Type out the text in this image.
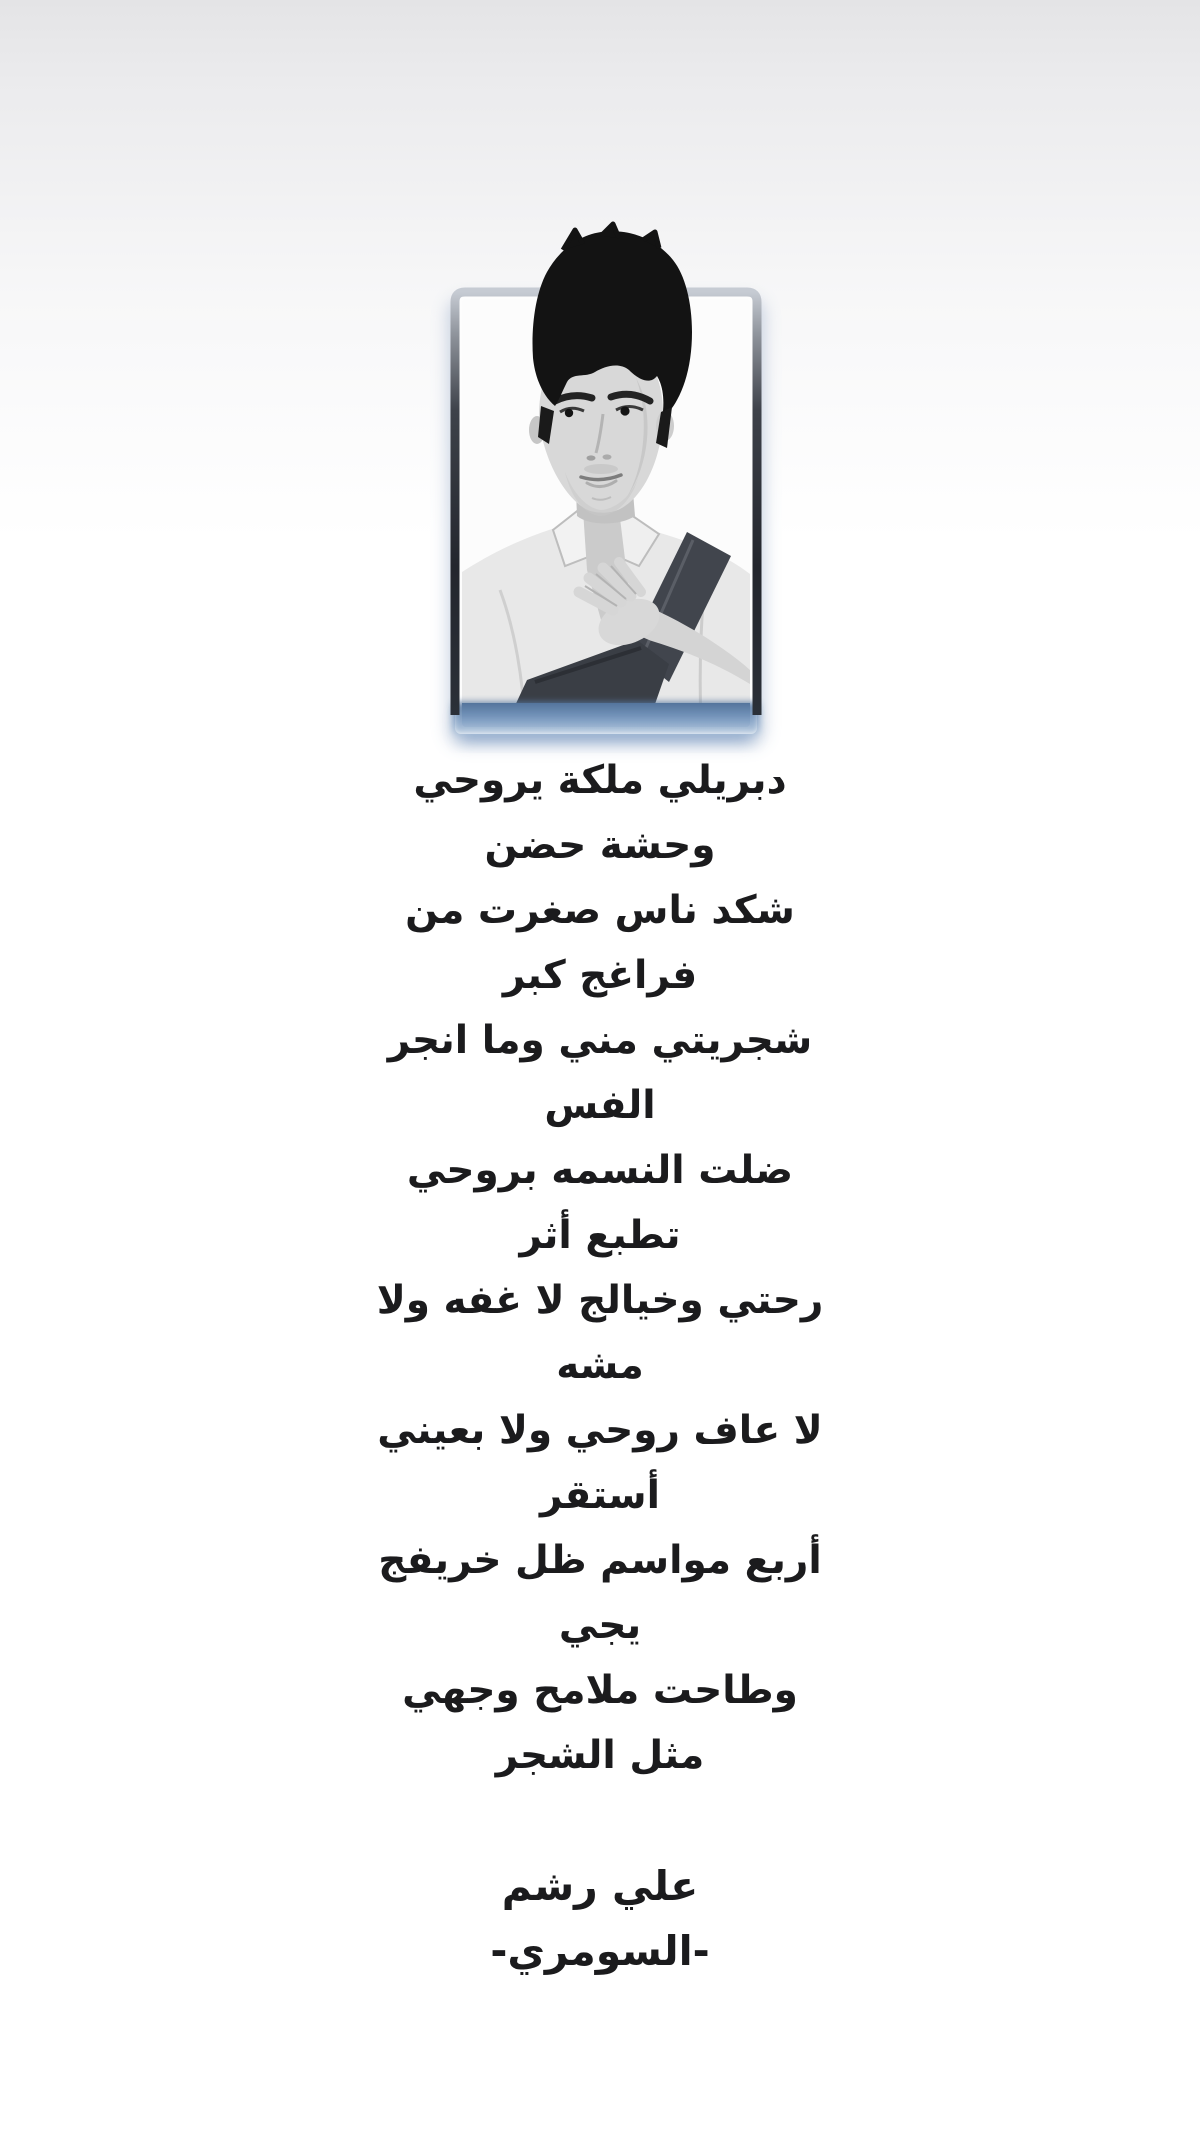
دبريلي ملكة يروحي
وحشة حضن
شكد ناس صغرت من
فراغج كبر
شجريتي مني وما انجر
الفس
ضلت النسمه بروحي
تطبع أثر
رحتي وخيالج لا غفه ولا
مشه
لا عاف روحي ولا بعيني
أستقر
أربع مواسم ظل خريفج
يجي
وطاحت ملامح وجهي
مثل الشجر
علي رشم
-السومري-
